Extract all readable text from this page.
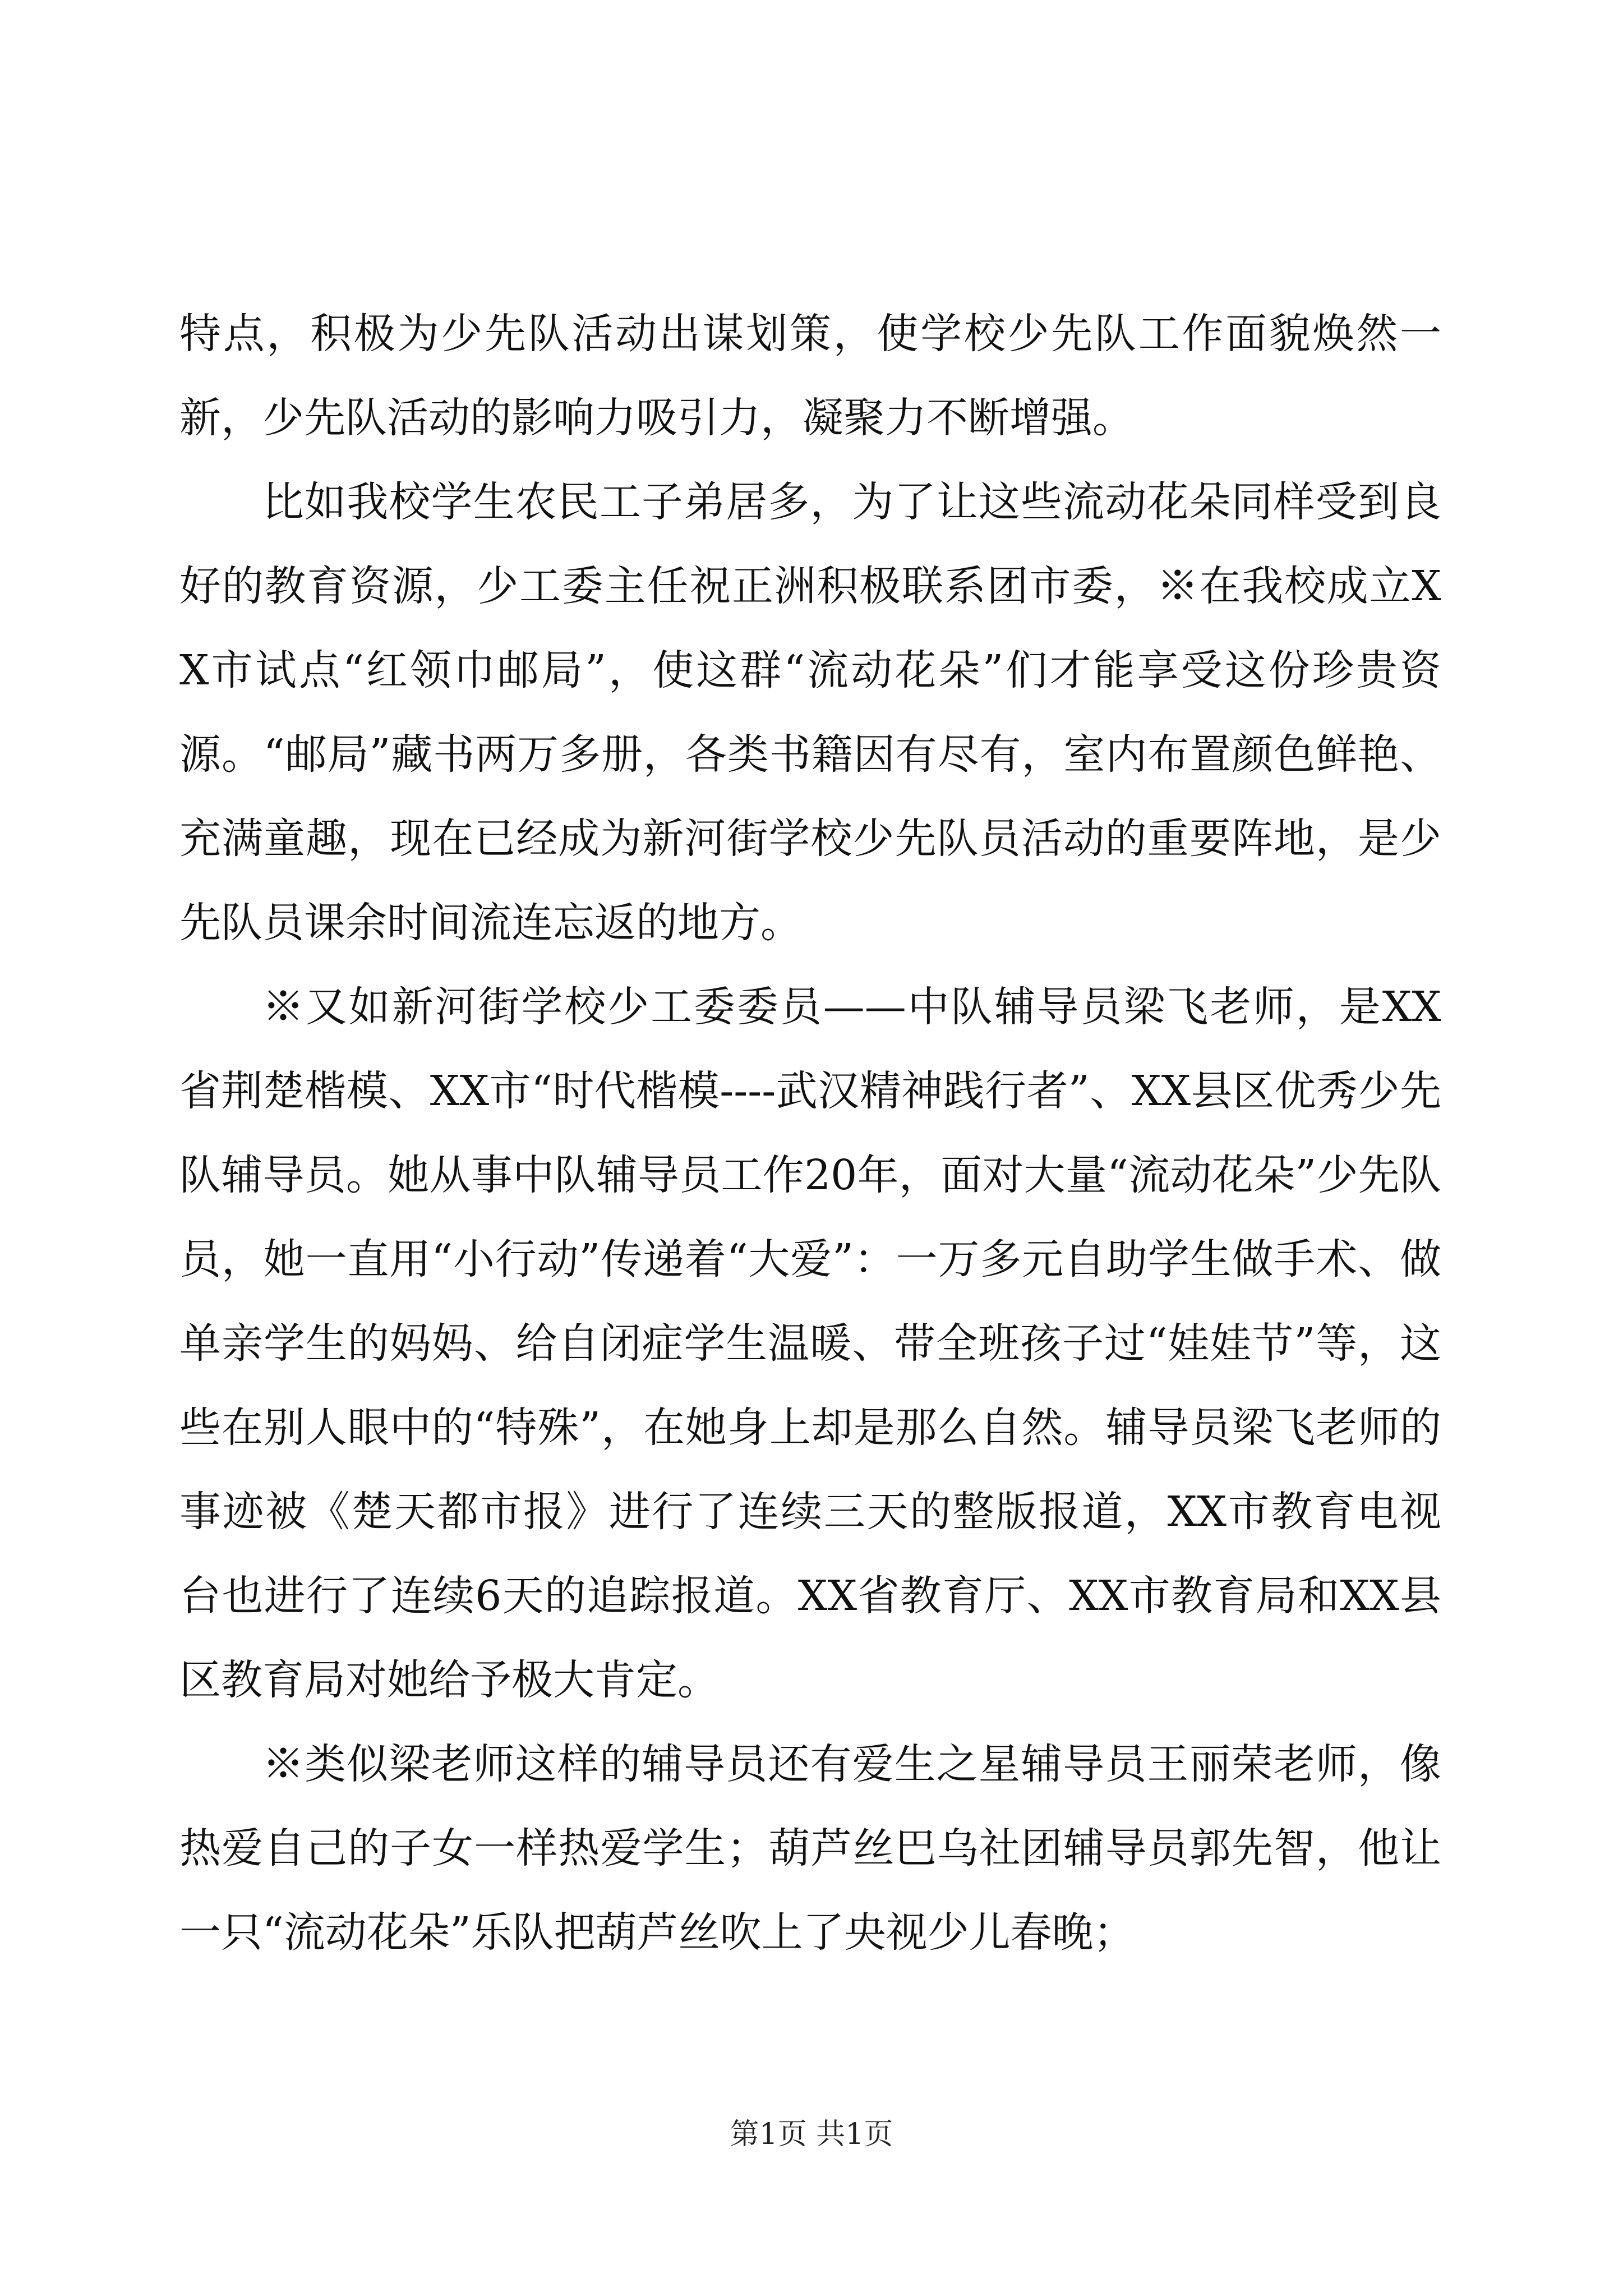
特点，积极为少先队活动出谋划策，使学校少先队工作面貌焕然一新，少先队活动的影响力吸引力，凝聚力不断增强。

比如我校学生农民工子弟居多，为了让这些流动花朵同样受到良好的教育资源，少工委主任祝正洲积极联系团市委，※在我校成立XX市试点“红领巾邮局”，使这群“流动花朵”们才能享受这份珍贵资源。“邮局”藏书两万多册，各类书籍因有尽有，室内布置颜色鲜艳、充满童趣，现在已经成为新河街学校少先队员活动的重要阵地，是少先队员课余时间流连忘返的地方。

※又如新河街学校少工委委员——中队辅导员梁飞老师，是XX省荆楚楷模、XX市“时代楷模----武汉精神践行者”、XX县区优秀少先队辅导员。她从事中队辅导员工作20年，面对大量“流动花朵”少先队员，她一直用“小行动”传递着“大爱”：一万多元自助学生做手术、做单亲学生的妈妈、给自闭症学生温暖、带全班孩子过“娃娃节”等，这些在别人眼中的“特殊”，在她身上却是那么自然。辅导员梁飞老师的事迹被《楚天都市报》进行了连续三天的整版报道，XX市教育电视台也进行了连续6天的追踪报道。XX省教育厅、XX市教育局和XX县区教育局对她给予极大肯定。

※类似梁老师这样的辅导员还有爱生之星辅导员王丽荣老师，像热爱自己的子女一样热爱学生；葫芦丝巴乌社团辅导员郭先智，他让一只“流动花朵”乐队把葫芦丝吹上了央视少儿春晚；

第1页 共1页
